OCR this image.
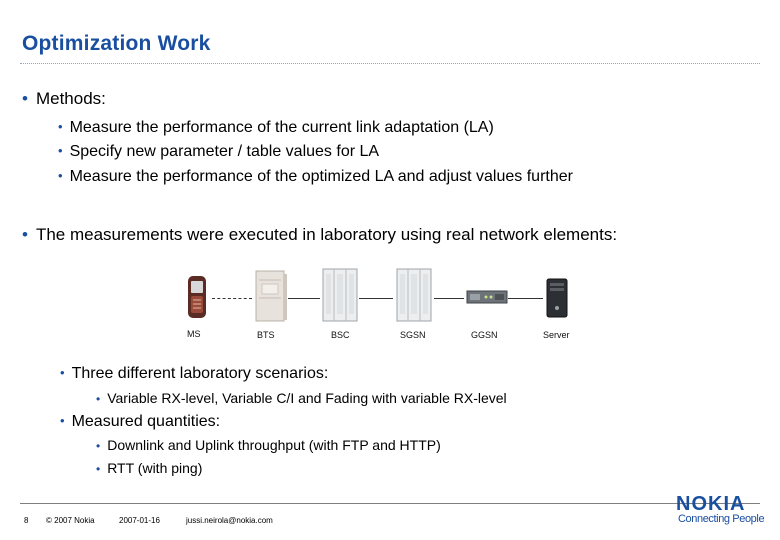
Optimization Work
• Methods:
• Measure the performance of the current link adaptation (LA)
• Specify new parameter / table values for LA
• Measure the performance of the optimized LA and adjust values further
• The measurements were executed in laboratory using real network elements:
MS	BTS	BSC	SGSN	GGSN	Server
• Three different laboratory scenarios:
• Variable RX-level, Variable C/I and Fading with variable RX-level
• Measured quantities:
• Downlink and Uplink throughput (with FTP and HTTP)
• RTT (with ping)
8 © 2007 Nokia	2007-01-16	jussi.neirola@nokia.com
NOKIA
Connecting People
